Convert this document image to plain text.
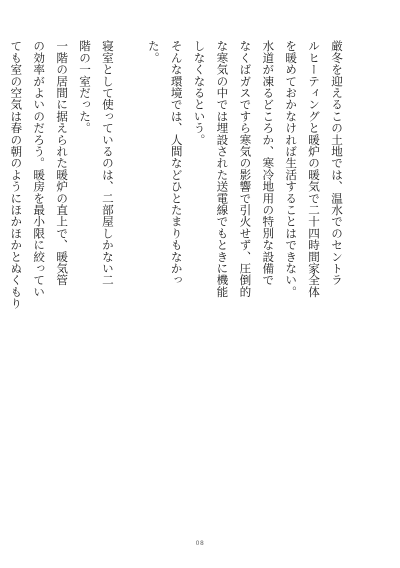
厳冬を迎えるこの土地では、温水でのセントラ
ルヒーティングと暖炉の暖気で二十四時間家全体
を暖めておかなければ生活することはできない。
水道が凍るどころか、寒冷地用の特別な設備で
なくばガスですら寒気の影響で引火せず、圧倒的
な寒気の中では埋設された送電線でもときに機能
しなくなるという。
そんな環境では、人間などひとたまりもなかっ
た。
寝室として使っているのは、二部屋しかない二
階の一室だった。
一階の居間に据えられた暖炉の直上で、暖気管
の効率がよいのだろう。暖房を最小限に絞ってい
ても室の空気は春の朝のようにほかほかとぬくもり
08
